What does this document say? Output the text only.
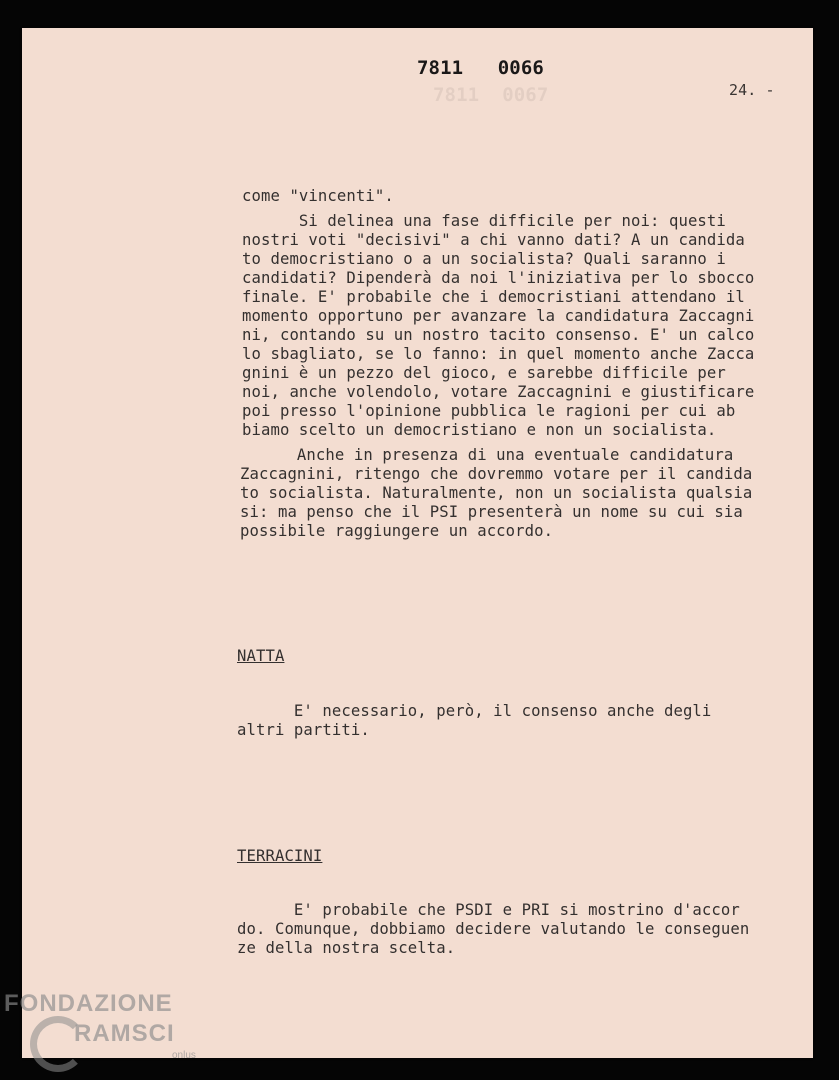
7811  0067
7811   0066
24. -
come "vincenti".
Si delinea una fase difficile per noi: questi
nostri voti "decisivi" a chi vanno dati? A un candida
to democristiano o a un socialista? Quali saranno i
candidati? Dipenderà da noi l'iniziativa per lo sbocco
finale. E' probabile che i democristiani attendano il
momento opportuno per avanzare la candidatura Zaccagni
ni, contando su un nostro tacito consenso. E' un calco
lo sbagliato, se lo fanno: in quel momento anche Zacca
gnini è un pezzo del gioco, e sarebbe difficile per
noi, anche volendolo, votare Zaccagnini e giustificare
poi presso l'opinione pubblica le ragioni per cui ab
biamo scelto un democristiano e non un socialista.
Anche in presenza di una eventuale candidatura
Zaccagnini, ritengo che dovremmo votare per il candida
to socialista. Naturalmente, non un socialista qualsia
si: ma penso che il PSI presenterà un nome su cui sia
possibile raggiungere un accordo.
NATTA
E' necessario, però, il consenso anche degli
altri partiti.
TERRACINI
E' probabile che PSDI e PRI si mostrino d'accor
do. Comunque, dobbiamo decidere valutando le conseguen
ze della nostra scelta.
FONDAZIONE
RAMSCI
onlus
